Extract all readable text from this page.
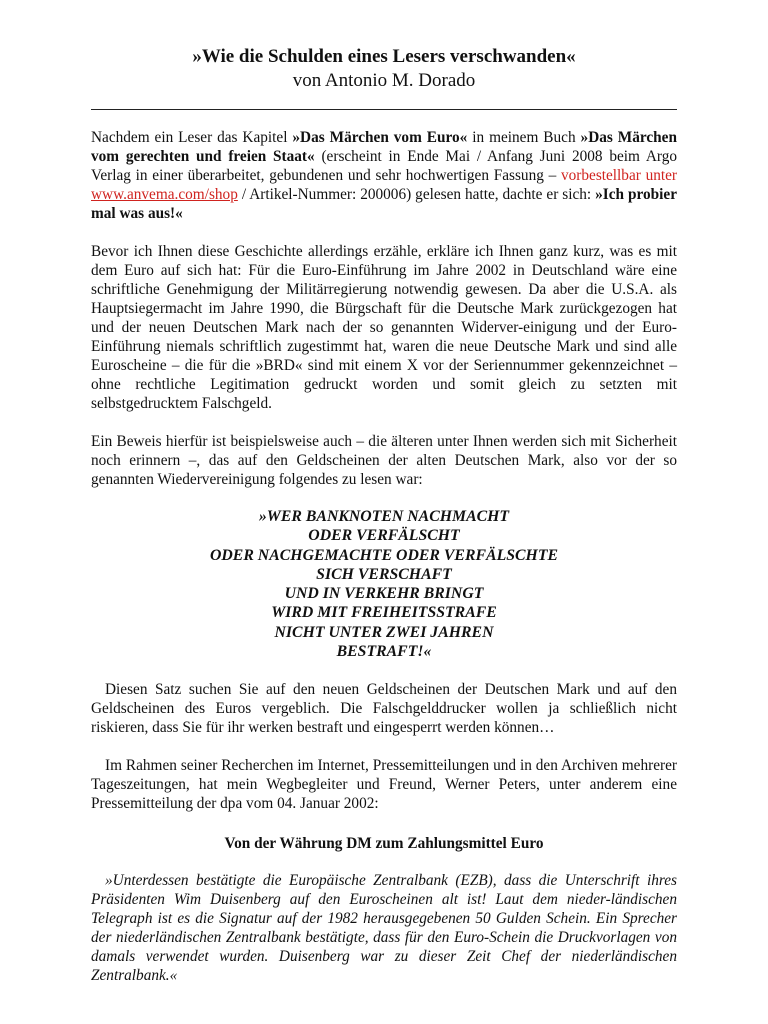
»Wie die Schulden eines Lesers verschwanden«

von Antonio M. Dorado

Nachdem ein Leser das Kapitel »Das Märchen vom Euro« in meinem Buch »Das Märchen vom gerechten und freien Staat« (erscheint in Ende Mai / Anfang Juni 2008 beim Argo Verlag in einer überarbeitet, gebundenen und sehr hochwertigen Fassung – vorbestellbar unter www.anvema.com/shop / Artikel-Nummer: 200006) gelesen hatte, dachte er sich: »Ich probier mal was aus!«

Bevor ich Ihnen diese Geschichte allerdings erzähle, erkläre ich Ihnen ganz kurz, was es mit dem Euro auf sich hat: Für die Euro-Einführung im Jahre 2002 in Deutschland wäre eine schriftliche Genehmigung der Militärregierung notwendig gewesen. Da aber die U.S.A. als Hauptsiegermacht im Jahre 1990, die Bürgschaft für die Deutsche Mark zurückgezogen hat und der neuen Deutschen Mark nach der so genannten Widerver-einigung und der Euro-Einführung niemals schriftlich zugestimmt hat, waren die neue Deutsche Mark und sind alle Euroscheine – die für die »BRD« sind mit einem X vor der Seriennummer gekennzeichnet – ohne rechtliche Legitimation gedruckt worden und somit gleich zu setzten mit selbstgedrucktem Falschgeld.

Ein Beweis hierfür ist beispielsweise auch – die älteren unter Ihnen werden sich mit Sicherheit noch erinnern –, das auf den Geldscheinen der alten Deutschen Mark, also vor der so genannten Wiedervereinigung folgendes zu lesen war:

»WER BANKNOTEN NACHMACHT

ODER VERFÄLSCHT

ODER NACHGEMACHTE ODER VERFÄLSCHTE

SICH VERSCHAFT

UND IN VERKEHR BRINGT

WIRD MIT FREIHEITSSTRAFE

NICHT UNTER ZWEI JAHREN

BESTRAFT!«

Diesen Satz suchen Sie auf den neuen Geldscheinen der Deutschen Mark und auf den Geldscheinen des Euros vergeblich. Die Falschgelddrucker wollen ja schließlich nicht riskieren, dass Sie für ihr werken bestraft und eingesperrt werden können…

Im Rahmen seiner Recherchen im Internet, Pressemitteilungen und in den Archiven mehrerer Tageszeitungen, hat mein Wegbegleiter und Freund, Werner Peters, unter anderem eine Pressemitteilung der dpa vom 04. Januar 2002:

Von der Währung DM zum Zahlungsmittel Euro

»Unterdessen bestätigte die Europäische Zentralbank (EZB), dass die Unterschrift ihres Präsidenten Wim Duisenberg auf den Euroscheinen alt ist! Laut dem nieder-ländischen Telegraph ist es die Signatur auf der 1982 herausgegebenen 50 Gulden Schein. Ein Sprecher der niederländischen Zentralbank bestätigte, dass für den Euro-Schein die Druckvorlagen von damals verwendet wurden. Duisenberg war zu dieser Zeit Chef der niederländischen Zentralbank.«
